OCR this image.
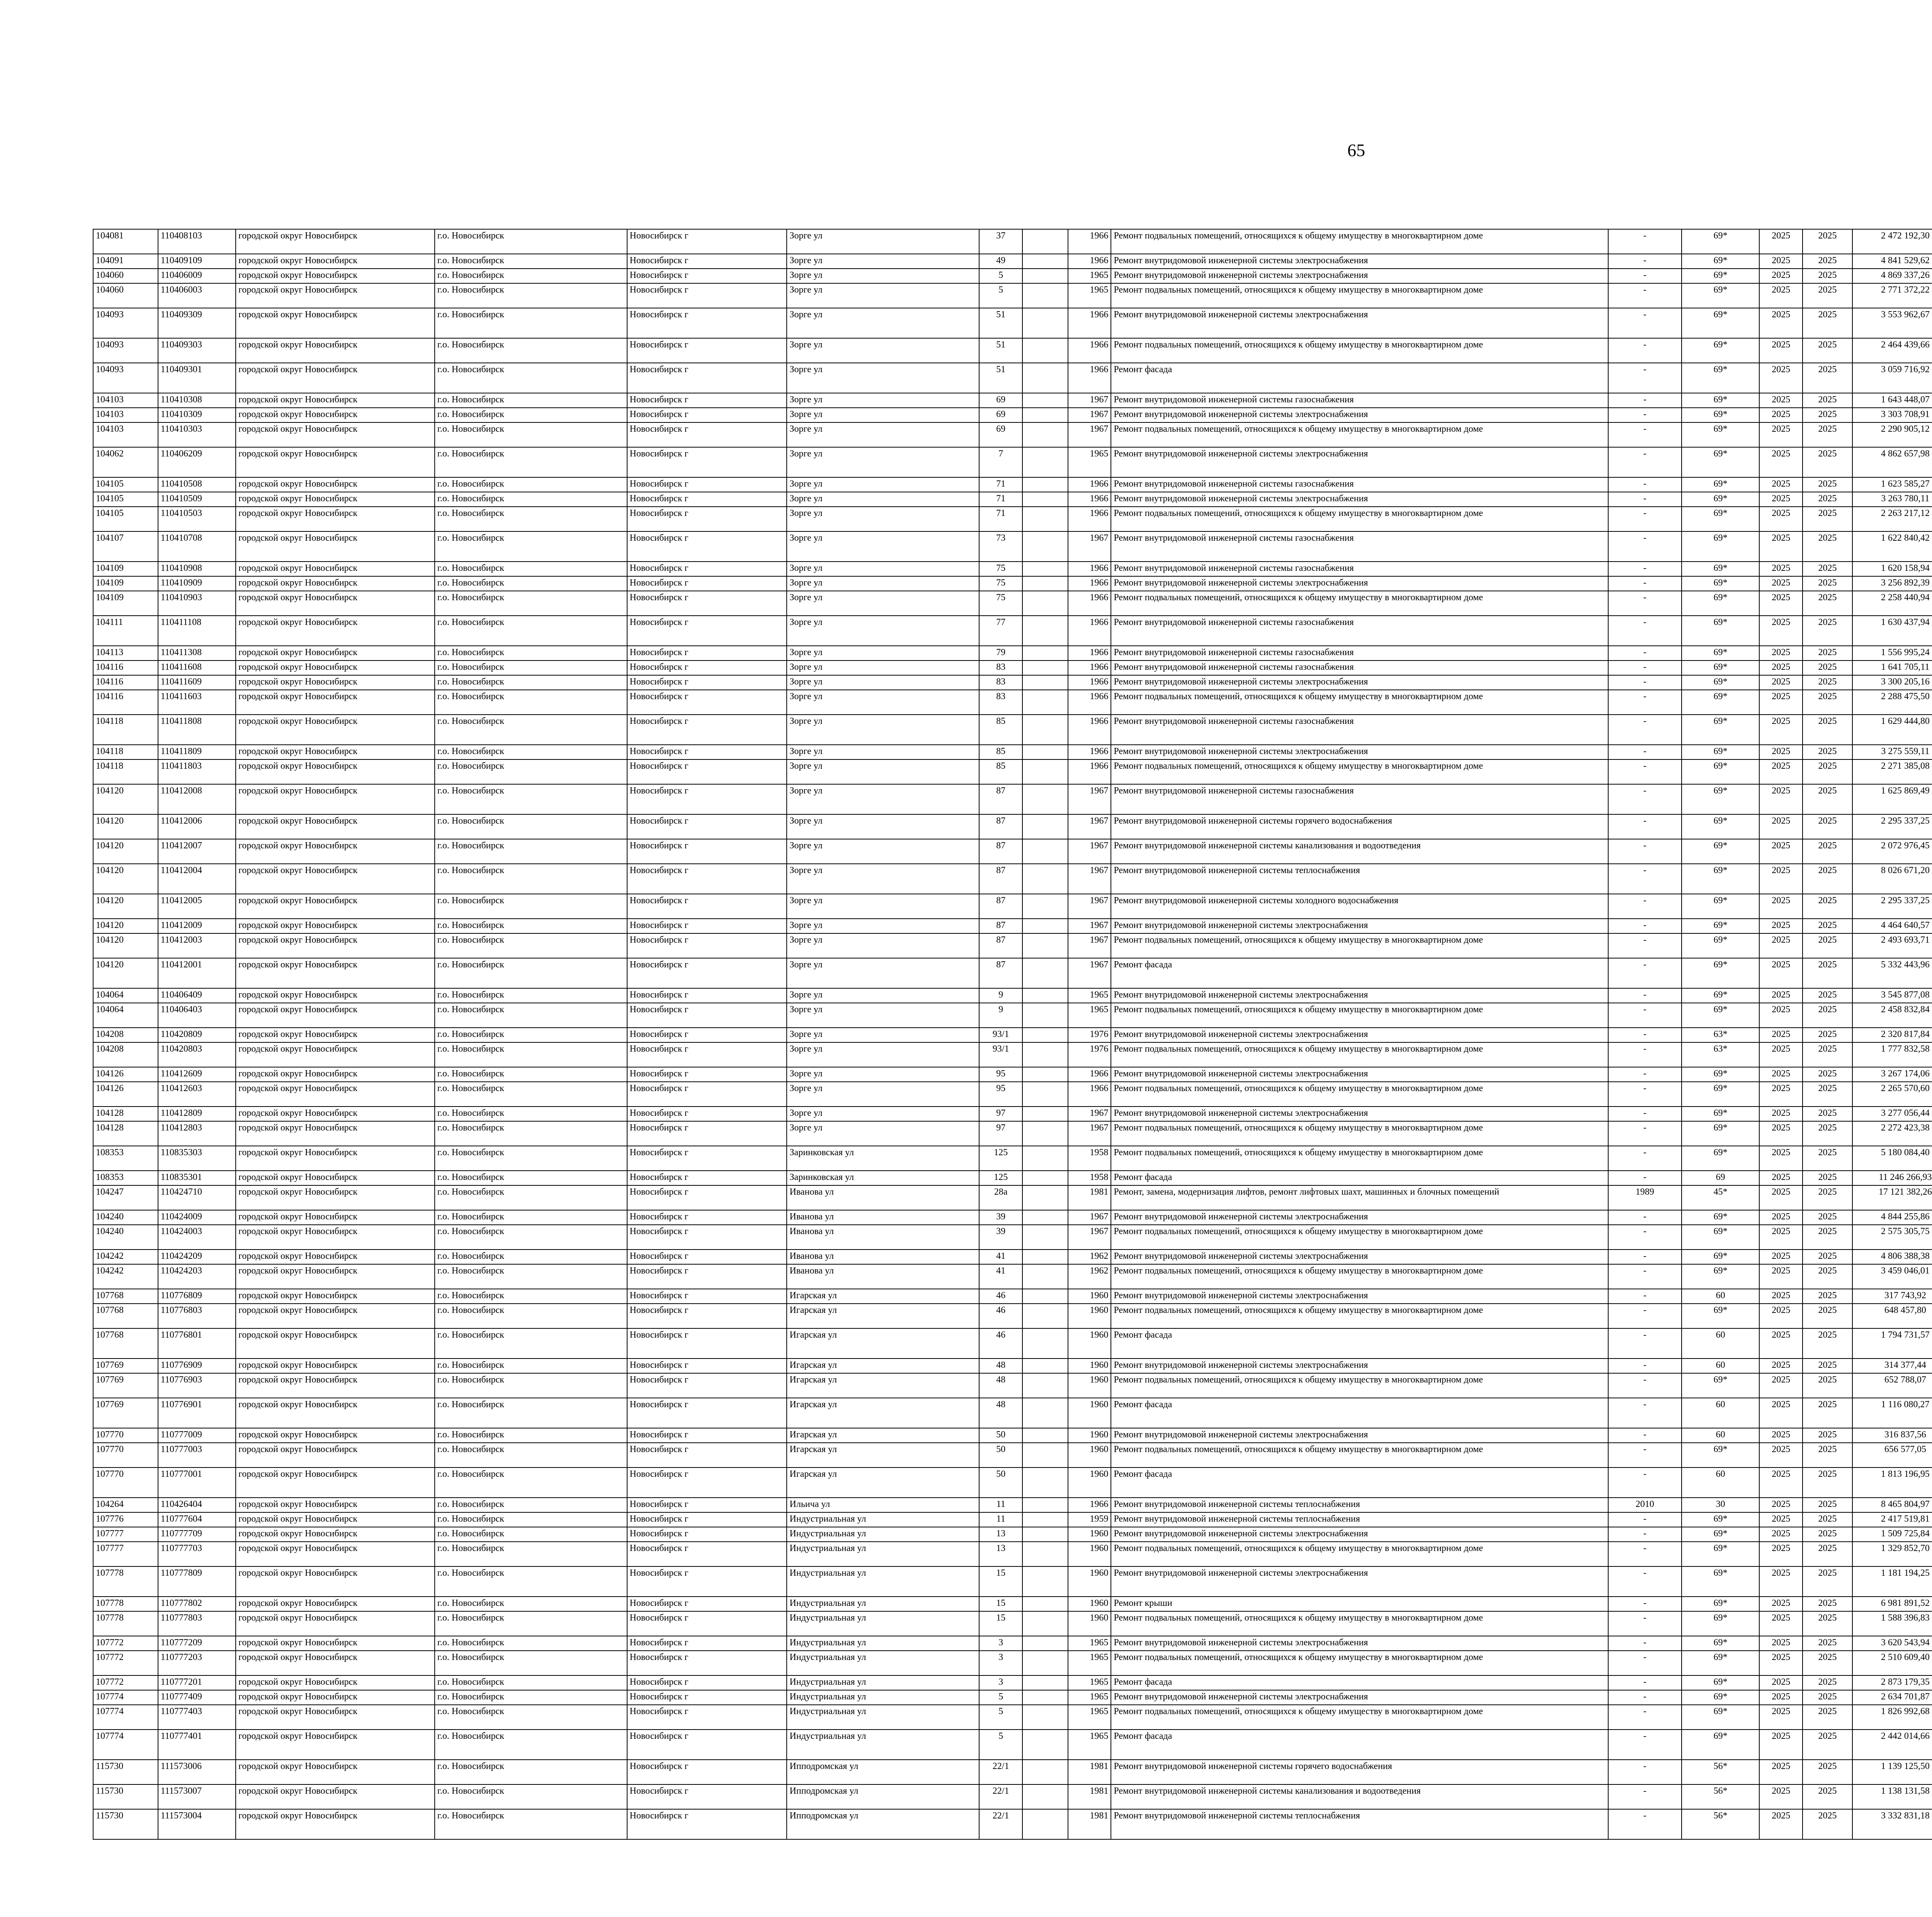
65
104081	110408103	городской округ Новосибирск	г.о. Новосибирск	Новосибирск г	Зорге ул	37		1966	Ремонт подвальных помещений, относящихся к общему имуществу в многоквартирном доме	-	69*	2025	2025	2 472 192,30							
104091	110409109	городской округ Новосибирск	г.о. Новосибирск	Новосибирск г	Зорге ул	49		1966	Ремонт внутридомовой инженерной системы электроснабжения	-	69*	2025	2025	4 841 529,62							
104060	110406009	городской округ Новосибирск	г.о. Новосибирск	Новосибирск г	Зорге ул	5		1965	Ремонт внутридомовой инженерной системы электроснабжения	-	69*	2025	2025	4 869 337,26							
104060	110406003	городской округ Новосибирск	г.о. Новосибирск	Новосибирск г	Зорге ул	5		1965	Ремонт подвальных помещений, относящихся к общему имуществу в многоквартирном доме	-	69*	2025	2025	2 771 372,22							
104093	110409309	городской округ Новосибирск	г.о. Новосибирск	Новосибирск г	Зорге ул	51		1966	Ремонт внутридомовой инженерной системы электроснабжения	-	69*	2025	2025	3 553 962,67							
104093	110409303	городской округ Новосибирск	г.о. Новосибирск	Новосибирск г	Зорге ул	51		1966	Ремонт подвальных помещений, относящихся к общему имуществу в многоквартирном доме	-	69*	2025	2025	2 464 439,66							
104093	110409301	городской округ Новосибирск	г.о. Новосибирск	Новосибирск г	Зорге ул	51		1966	Ремонт фасада	-	69*	2025	2025	3 059 716,92							
104103	110410308	городской округ Новосибирск	г.о. Новосибирск	Новосибирск г	Зорге ул	69		1967	Ремонт внутридомовой инженерной системы газоснабжения	-	69*	2025	2025	1 643 448,07							
104103	110410309	городской округ Новосибирск	г.о. Новосибирск	Новосибирск г	Зорге ул	69		1967	Ремонт внутридомовой инженерной системы электроснабжения	-	69*	2025	2025	3 303 708,91							
104103	110410303	городской округ Новосибирск	г.о. Новосибирск	Новосибирск г	Зорге ул	69		1967	Ремонт подвальных помещений, относящихся к общему имуществу в многоквартирном доме	-	69*	2025	2025	2 290 905,12							
104062	110406209	городской округ Новосибирск	г.о. Новосибирск	Новосибирск г	Зорге ул	7		1965	Ремонт внутридомовой инженерной системы электроснабжения	-	69*	2025	2025	4 862 657,98							
104105	110410508	городской округ Новосибирск	г.о. Новосибирск	Новосибирск г	Зорге ул	71		1966	Ремонт внутридомовой инженерной системы газоснабжения	-	69*	2025	2025	1 623 585,27							
104105	110410509	городской округ Новосибирск	г.о. Новосибирск	Новосибирск г	Зорге ул	71		1966	Ремонт внутридомовой инженерной системы электроснабжения	-	69*	2025	2025	3 263 780,11							
104105	110410503	городской округ Новосибирск	г.о. Новосибирск	Новосибирск г	Зорге ул	71		1966	Ремонт подвальных помещений, относящихся к общему имуществу в многоквартирном доме	-	69*	2025	2025	2 263 217,12							
104107	110410708	городской округ Новосибирск	г.о. Новосибирск	Новосибирск г	Зорге ул	73		1967	Ремонт внутридомовой инженерной системы газоснабжения	-	69*	2025	2025	1 622 840,42							
104109	110410908	городской округ Новосибирск	г.о. Новосибирск	Новосибирск г	Зорге ул	75		1966	Ремонт внутридомовой инженерной системы газоснабжения	-	69*	2025	2025	1 620 158,94							
104109	110410909	городской округ Новосибирск	г.о. Новосибирск	Новосибирск г	Зорге ул	75		1966	Ремонт внутридомовой инженерной системы электроснабжения	-	69*	2025	2025	3 256 892,39							
104109	110410903	городской округ Новосибирск	г.о. Новосибирск	Новосибирск г	Зорге ул	75		1966	Ремонт подвальных помещений, относящихся к общему имуществу в многоквартирном доме	-	69*	2025	2025	2 258 440,94							
104111	110411108	городской округ Новосибирск	г.о. Новосибирск	Новосибирск г	Зорге ул	77		1966	Ремонт внутридомовой инженерной системы газоснабжения	-	69*	2025	2025	1 630 437,94							
104113	110411308	городской округ Новосибирск	г.о. Новосибирск	Новосибирск г	Зорге ул	79		1966	Ремонт внутридомовой инженерной системы газоснабжения	-	69*	2025	2025	1 556 995,24							
104116	110411608	городской округ Новосибирск	г.о. Новосибирск	Новосибирск г	Зорге ул	83		1966	Ремонт внутридомовой инженерной системы газоснабжения	-	69*	2025	2025	1 641 705,11							
104116	110411609	городской округ Новосибирск	г.о. Новосибирск	Новосибирск г	Зорге ул	83		1966	Ремонт внутридомовой инженерной системы электроснабжения	-	69*	2025	2025	3 300 205,16							
104116	110411603	городской округ Новосибирск	г.о. Новосибирск	Новосибирск г	Зорге ул	83		1966	Ремонт подвальных помещений, относящихся к общему имуществу в многоквартирном доме	-	69*	2025	2025	2 288 475,50							
104118	110411808	городской округ Новосибирск	г.о. Новосибирск	Новосибирск г	Зорге ул	85		1966	Ремонт внутридомовой инженерной системы газоснабжения	-	69*	2025	2025	1 629 444,80							
104118	110411809	городской округ Новосибирск	г.о. Новосибирск	Новосибирск г	Зорге ул	85		1966	Ремонт внутридомовой инженерной системы электроснабжения	-	69*	2025	2025	3 275 559,11							
104118	110411803	городской округ Новосибирск	г.о. Новосибирск	Новосибирск г	Зорге ул	85		1966	Ремонт подвальных помещений, относящихся к общему имуществу в многоквартирном доме	-	69*	2025	2025	2 271 385,08							
104120	110412008	городской округ Новосибирск	г.о. Новосибирск	Новосибирск г	Зорге ул	87		1967	Ремонт внутридомовой инженерной системы газоснабжения	-	69*	2025	2025	1 625 869,49							
104120	110412006	городской округ Новосибирск	г.о. Новосибирск	Новосибирск г	Зорге ул	87		1967	Ремонт внутридомовой инженерной системы горячего водоснабжения	-	69*	2025	2025	2 295 337,25							
104120	110412007	городской округ Новосибирск	г.о. Новосибирск	Новосибирск г	Зорге ул	87		1967	Ремонт внутридомовой инженерной системы канализования и водоотведения	-	69*	2025	2025	2 072 976,45							
104120	110412004	городской округ Новосибирск	г.о. Новосибирск	Новосибирск г	Зорге ул	87		1967	Ремонт внутридомовой инженерной системы теплоснабжения	-	69*	2025	2025	8 026 671,20							
104120	110412005	городской округ Новосибирск	г.о. Новосибирск	Новосибирск г	Зорге ул	87		1967	Ремонт внутридомовой инженерной системы холодного водоснабжения	-	69*	2025	2025	2 295 337,25							
104120	110412009	городской округ Новосибирск	г.о. Новосибирск	Новосибирск г	Зорге ул	87		1967	Ремонт внутридомовой инженерной системы электроснабжения	-	69*	2025	2025	4 464 640,57							
104120	110412003	городской округ Новосибирск	г.о. Новосибирск	Новосибирск г	Зорге ул	87		1967	Ремонт подвальных помещений, относящихся к общему имуществу в многоквартирном доме	-	69*	2025	2025	2 493 693,71							
104120	110412001	городской округ Новосибирск	г.о. Новосибирск	Новосибирск г	Зорге ул	87		1967	Ремонт фасада	-	69*	2025	2025	5 332 443,96							
104064	110406409	городской округ Новосибирск	г.о. Новосибирск	Новосибирск г	Зорге ул	9		1965	Ремонт внутридомовой инженерной системы электроснабжения	-	69*	2025	2025	3 545 877,08							
104064	110406403	городской округ Новосибирск	г.о. Новосибирск	Новосибирск г	Зорге ул	9		1965	Ремонт подвальных помещений, относящихся к общему имуществу в многоквартирном доме	-	69*	2025	2025	2 458 832,84							
104208	110420809	городской округ Новосибирск	г.о. Новосибирск	Новосибирск г	Зорге ул	93/1		1976	Ремонт внутридомовой инженерной системы электроснабжения	-	63*	2025	2025	2 320 817,84							
104208	110420803	городской округ Новосибирск	г.о. Новосибирск	Новосибирск г	Зорге ул	93/1		1976	Ремонт подвальных помещений, относящихся к общему имуществу в многоквартирном доме	-	63*	2025	2025	1 777 832,58							
104126	110412609	городской округ Новосибирск	г.о. Новосибирск	Новосибирск г	Зорге ул	95		1966	Ремонт внутридомовой инженерной системы электроснабжения	-	69*	2025	2025	3 267 174,06							
104126	110412603	городской округ Новосибирск	г.о. Новосибирск	Новосибирск г	Зорге ул	95		1966	Ремонт подвальных помещений, относящихся к общему имуществу в многоквартирном доме	-	69*	2025	2025	2 265 570,60							
104128	110412809	городской округ Новосибирск	г.о. Новосибирск	Новосибирск г	Зорге ул	97		1967	Ремонт внутридомовой инженерной системы электроснабжения	-	69*	2025	2025	3 277 056,44							
104128	110412803	городской округ Новосибирск	г.о. Новосибирск	Новосибирск г	Зорге ул	97		1967	Ремонт подвальных помещений, относящихся к общему имуществу в многоквартирном доме	-	69*	2025	2025	2 272 423,38							
108353	110835303	городской округ Новосибирск	г.о. Новосибирск	Новосибирск г	Заринковская ул	125		1958	Ремонт подвальных помещений, относящихся к общему имуществу в многоквартирном доме	-	69*	2025	2025	5 180 084,40							
108353	110835301	городской округ Новосибирск	г.о. Новосибирск	Новосибирск г	Заринковская ул	125		1958	Ремонт фасада	-	69	2025	2025	11 246 266,93							
104247	110424710	городской округ Новосибирск	г.о. Новосибирск	Новосибирск г	Иванова ул	28а		1981	Ремонт, замена, модернизация лифтов, ремонт лифтовых шахт, машинных и блочных помещений	1989	45*	2025	2025	17 121 382,26							
104240	110424009	городской округ Новосибирск	г.о. Новосибирск	Новосибирск г	Иванова ул	39		1967	Ремонт внутридомовой инженерной системы электроснабжения	-	69*	2025	2025	4 844 255,86							
104240	110424003	городской округ Новосибирск	г.о. Новосибирск	Новосибирск г	Иванова ул	39		1967	Ремонт подвальных помещений, относящихся к общему имуществу в многоквартирном доме	-	69*	2025	2025	2 575 305,75							
104242	110424209	городской округ Новосибирск	г.о. Новосибирск	Новосибирск г	Иванова ул	41		1962	Ремонт внутридомовой инженерной системы электроснабжения	-	69*	2025	2025	4 806 388,38							
104242	110424203	городской округ Новосибирск	г.о. Новосибирск	Новосибирск г	Иванова ул	41		1962	Ремонт подвальных помещений, относящихся к общему имуществу в многоквартирном доме	-	69*	2025	2025	3 459 046,01							
107768	110776809	городской округ Новосибирск	г.о. Новосибирск	Новосибирск г	Игарская ул	46		1960	Ремонт внутридомовой инженерной системы электроснабжения	-	60	2025	2025	317 743,92							
107768	110776803	городской округ Новосибирск	г.о. Новосибирск	Новосибирск г	Игарская ул	46		1960	Ремонт подвальных помещений, относящихся к общему имуществу в многоквартирном доме	-	69*	2025	2025	648 457,80							
107768	110776801	городской округ Новосибирск	г.о. Новосибирск	Новосибирск г	Игарская ул	46		1960	Ремонт фасада	-	60	2025	2025	1 794 731,57							
107769	110776909	городской округ Новосибирск	г.о. Новосибирск	Новосибирск г	Игарская ул	48		1960	Ремонт внутридомовой инженерной системы электроснабжения	-	60	2025	2025	314 377,44							
107769	110776903	городской округ Новосибирск	г.о. Новосибирск	Новосибирск г	Игарская ул	48		1960	Ремонт подвальных помещений, относящихся к общему имуществу в многоквартирном доме	-	69*	2025	2025	652 788,07							
107769	110776901	городской округ Новосибирск	г.о. Новосибирск	Новосибирск г	Игарская ул	48		1960	Ремонт фасада	-	60	2025	2025	1 116 080,27							
107770	110777009	городской округ Новосибирск	г.о. Новосибирск	Новосибирск г	Игарская ул	50		1960	Ремонт внутридомовой инженерной системы электроснабжения	-	60	2025	2025	316 837,56							
107770	110777003	городской округ Новосибирск	г.о. Новосибирск	Новосибирск г	Игарская ул	50		1960	Ремонт подвальных помещений, относящихся к общему имуществу в многоквартирном доме	-	69*	2025	2025	656 577,05							
107770	110777001	городской округ Новосибирск	г.о. Новосибирск	Новосибирск г	Игарская ул	50		1960	Ремонт фасада	-	60	2025	2025	1 813 196,95							
104264	110426404	городской округ Новосибирск	г.о. Новосибирск	Новосибирск г	Ильича ул	11		1966	Ремонт внутридомовой инженерной системы теплоснабжения	2010	30	2025	2025	8 465 804,97							
107776	110777604	городской округ Новосибирск	г.о. Новосибирск	Новосибирск г	Индустриальная ул	11		1959	Ремонт внутридомовой инженерной системы теплоснабжения	-	69*	2025	2025	2 417 519,81							
107777	110777709	городской округ Новосибирск	г.о. Новосибирск	Новосибирск г	Индустриальная ул	13		1960	Ремонт внутридомовой инженерной системы электроснабжения	-	69*	2025	2025	1 509 725,84							
107777	110777703	городской округ Новосибирск	г.о. Новосибирск	Новосибирск г	Индустриальная ул	13		1960	Ремонт подвальных помещений, относящихся к общему имуществу в многоквартирном доме	-	69*	2025	2025	1 329 852,70							
107778	110777809	городской округ Новосибирск	г.о. Новосибирск	Новосибирск г	Индустриальная ул	15		1960	Ремонт внутридомовой инженерной системы электроснабжения	-	69*	2025	2025	1 181 194,25							
107778	110777802	городской округ Новосибирск	г.о. Новосибирск	Новосибирск г	Индустриальная ул	15		1960	Ремонт крыши	-	69*	2025	2025	6 981 891,52							
107778	110777803	городской округ Новосибирск	г.о. Новосибирск	Новосибирск г	Индустриальная ул	15		1960	Ремонт подвальных помещений, относящихся к общему имуществу в многоквартирном доме	-	69*	2025	2025	1 588 396,83							
107772	110777209	городской округ Новосибирск	г.о. Новосибирск	Новосибирск г	Индустриальная ул	3		1965	Ремонт внутридомовой инженерной системы электроснабжения	-	69*	2025	2025	3 620 543,94							
107772	110777203	городской округ Новосибирск	г.о. Новосибирск	Новосибирск г	Индустриальная ул	3		1965	Ремонт подвальных помещений, относящихся к общему имуществу в многоквартирном доме	-	69*	2025	2025	2 510 609,40							
107772	110777201	городской округ Новосибирск	г.о. Новосибирск	Новосибирск г	Индустриальная ул	3		1965	Ремонт фасада	-	69*	2025	2025	2 873 179,35							
107774	110777409	городской округ Новосибирск	г.о. Новосибирск	Новосибирск г	Индустриальная ул	5		1965	Ремонт внутридомовой инженерной системы электроснабжения	-	69*	2025	2025	2 634 701,87							
107774	110777403	городской округ Новосибирск	г.о. Новосибирск	Новосибирск г	Индустриальная ул	5		1965	Ремонт подвальных помещений, относящихся к общему имуществу в многоквартирном доме	-	69*	2025	2025	1 826 992,68							
107774	110777401	городской округ Новосибирск	г.о. Новосибирск	Новосибирск г	Индустриальная ул	5		1965	Ремонт фасада	-	69*	2025	2025	2 442 014,66							
115730	111573006	городской округ Новосибирск	г.о. Новосибирск	Новосибирск г	Ипподромская ул	22/1		1981	Ремонт внутридомовой инженерной системы горячего водоснабжения	-	56*	2025	2025	1 139 125,50							
115730	111573007	городской округ Новосибирск	г.о. Новосибирск	Новосибирск г	Ипподромская ул	22/1		1981	Ремонт внутридомовой инженерной системы канализования и водоотведения	-	56*	2025	2025	1 138 131,58							
115730	111573004	городской округ Новосибирск	г.о. Новосибирск	Новосибирск г	Ипподромская ул	22/1		1981	Ремонт внутридомовой инженерной системы теплоснабжения	-	56*	2025	2025	3 332 831,18							
